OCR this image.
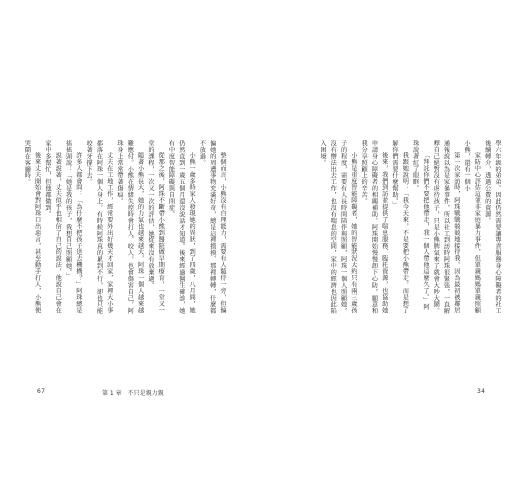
整個而言，小熊沒有自理能力，需要有人隨侍一旁，但偏偏她的周遭事物充滿好奇，總是這裡摸摸、那裡轉轉，什麼都不放過。

小熊一歲多時家人發現她的異狀，到了四歲，八月間，她仍然直到一歲五個月還沒說話才知道。後來經過醫生確診，她有中度智能障礙與自閉症。

從那之後，阿珠不斷帶小熊到醫院做早期療育，一堂又一堂的課程，一次又一次的評估，她從來沒有放棄過。

隨著小熊長大，她的力氣也越來越大，阿珠一個人越來越難應付。小熊在情緒失控時會打人、咬人，也會傷害自己，阿珠身上常常帶著傷痕。

丈夫在工地工作，經常要外出好幾天才回家，家裡大小事都落在阿珠一個人身上。有時候阿珠真的累到不行，卻也只能咬著牙撐下去。

許多人都會問：「為什麼不把孩子送去機構？」阿珠總是搖搖頭說：「她是我的孩子，我想自己照顧她。」

說著說著，丈夫似乎也相信了自己的說法，他說自己會在家中多幫忙，但他都做到。

後來丈夫開始會對阿珠口出惡言，甚至動手打人，小熊便哭鬧在客廳時。

67	第 1 章 不只是親力親

學六年級的弟弟。因此仍然需要讓專責服務身心障礙者的社工後續轉介，透過公費的資源。

家防中心評估這並非家庭暴力事件，但單親媽媽單親照顧小熊，還有一個小

第一次家訪時，阿珠戰戰兢兢地接待我。因為最初被鄰居通報說以為是家暴事件，所以社工到訪時阿珠很緊張，一直解釋自己絕對沒有虐待孩子，只是小熊脾氣來了就會大吵大鬧。

「拜託你們不要把他帶走，我一個人帶他這麼久了。」阿珠說著紅了眼眶。

我跟她說明：「我今天來，不是要把小熊帶走，而是想了解你們需要什麼幫助。」

後來，我們到訪並提供了喘息服務、臨托資源，也協助她申請身心障礙者的相關補助。阿珠開始慢慢卸下心防，願意和我分享照顧上的辛苦。

小熊是重度智能障礙者，她的智能狀況大約只有兩三歲孩子的程度，需要有人長時間陪伴與照顧，阿珠一個人照顧她，沒有辦法出去工作，也沒有喘息的空間，家中的經濟也因此陷入困境。

34
